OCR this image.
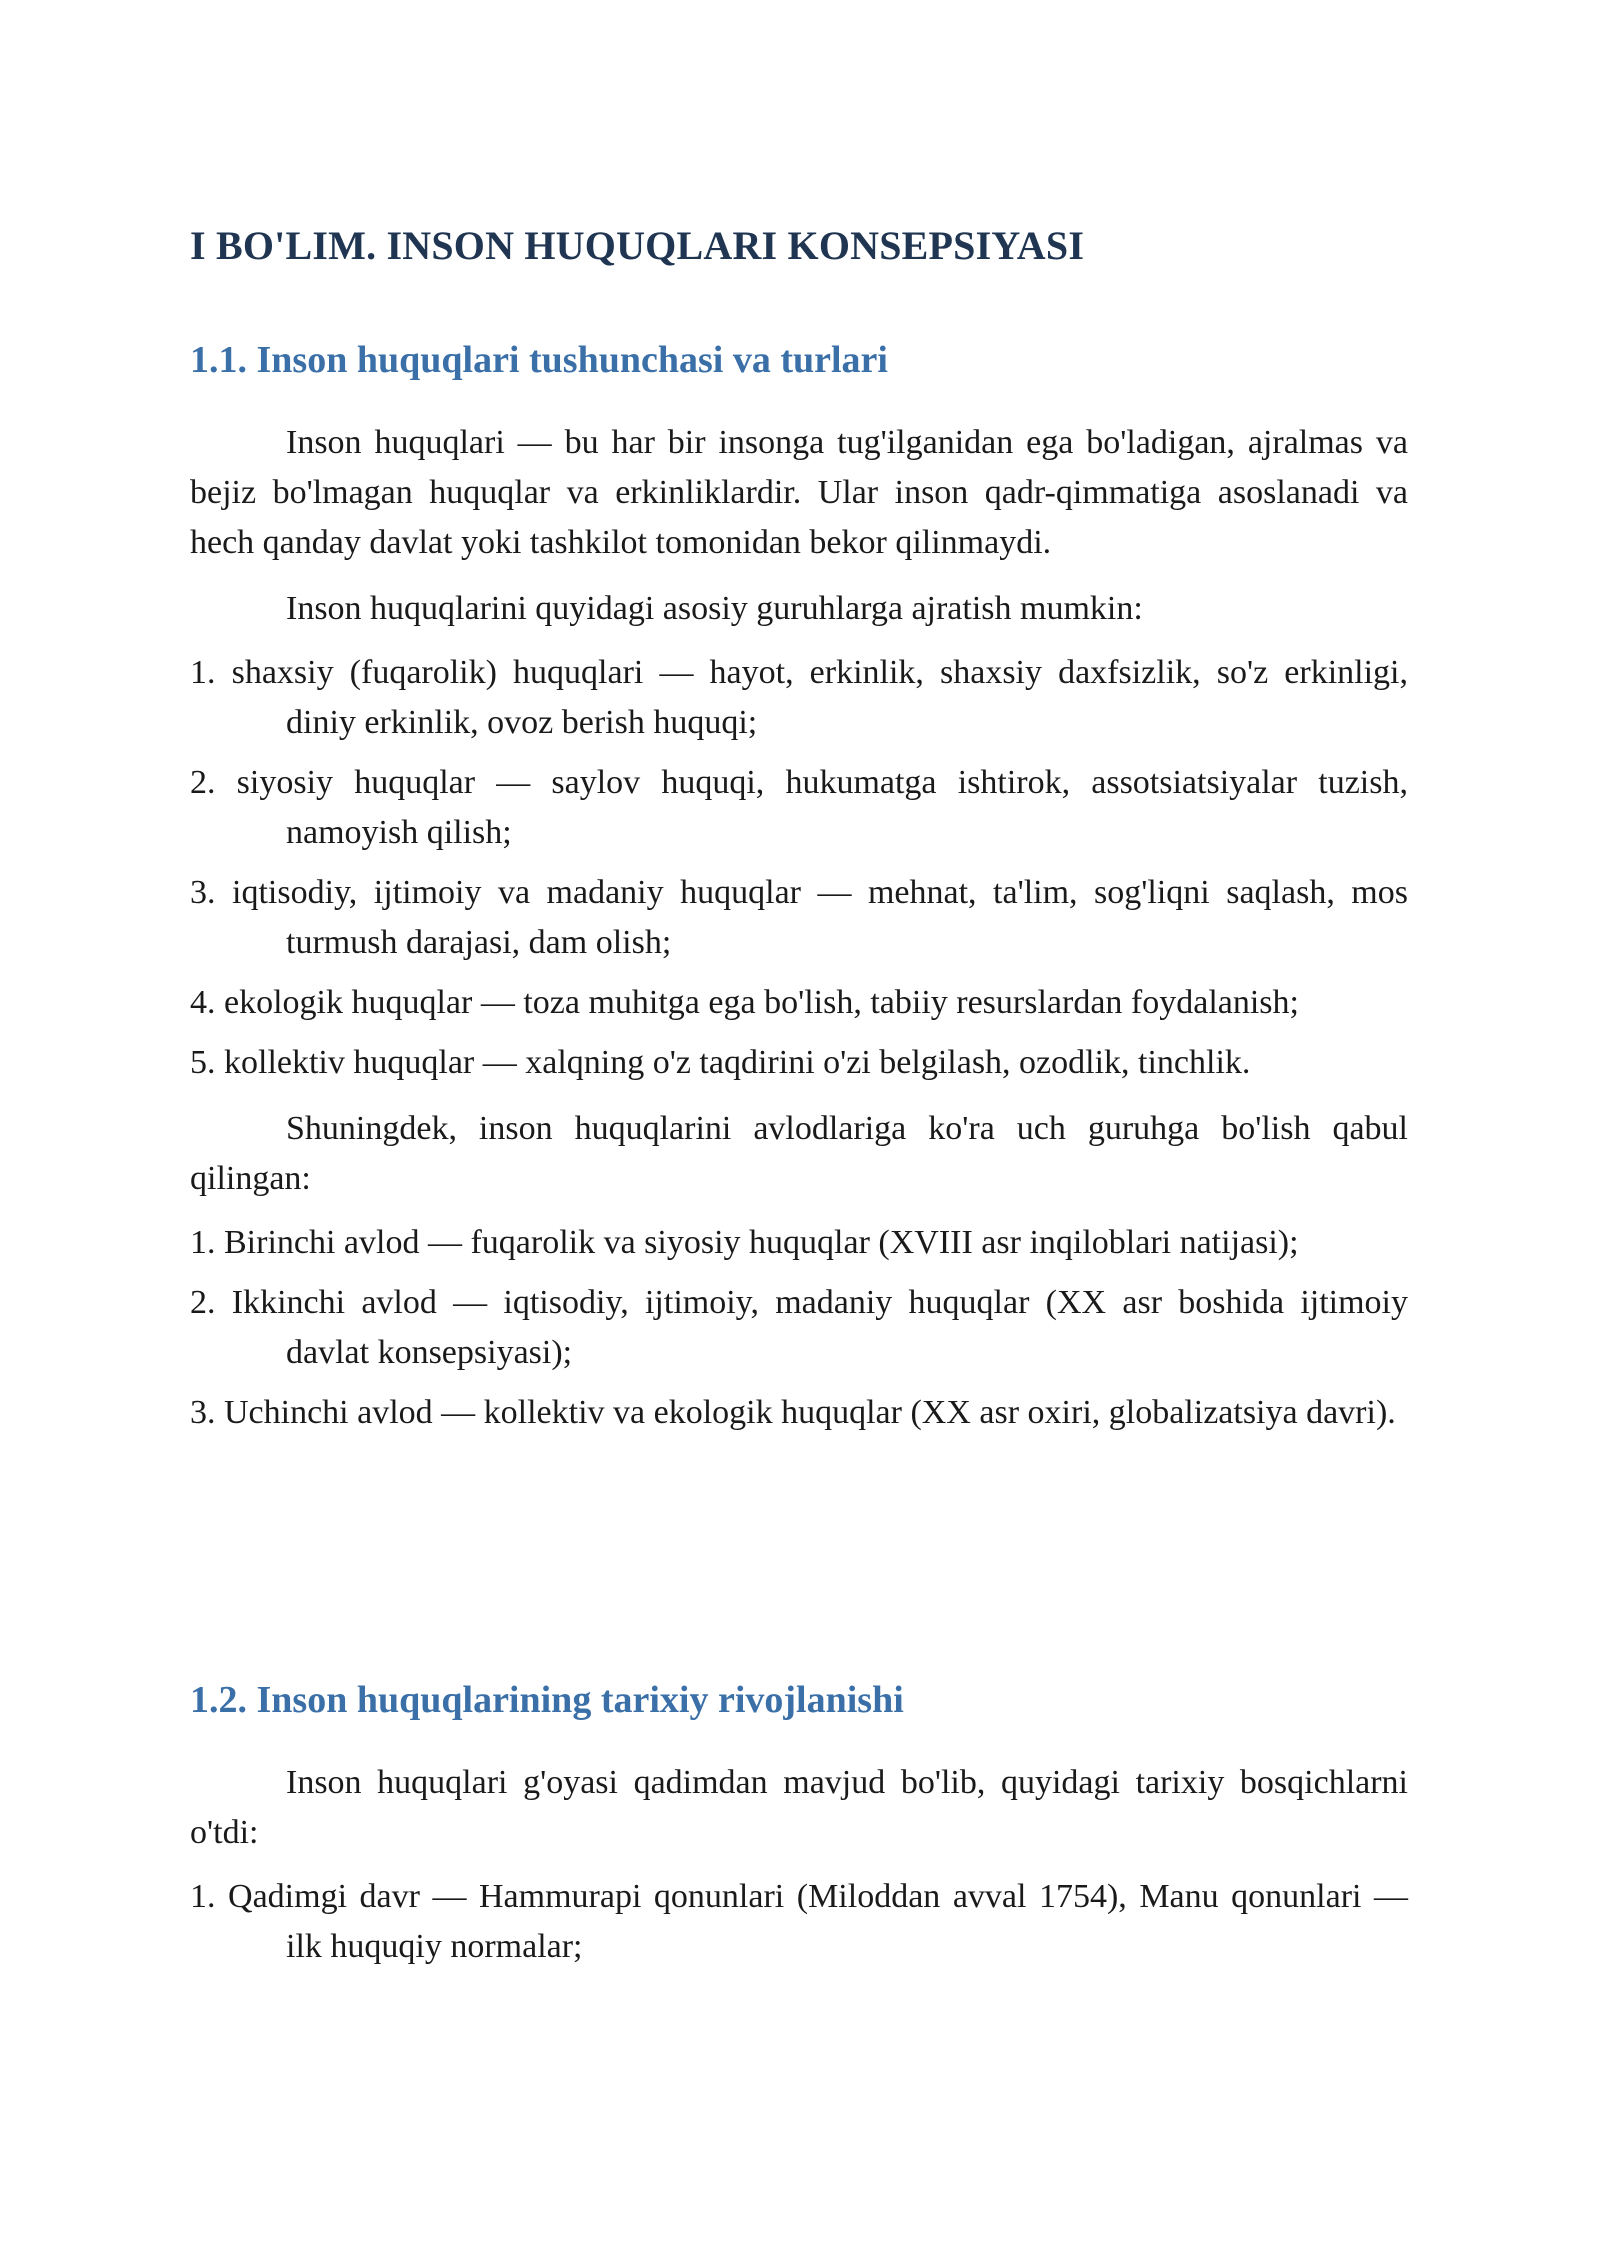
I BO'LIM. INSON HUQUQLARI KONSEPSIYASI
1.1. Inson huquqlari tushunchasi va turlari

Inson huquqlari — bu har bir insonga tug'ilganidan ega bo'ladigan, ajralmas va bejiz bo'lmagan huquqlar va erkinliklardir. Ular inson qadr-qimmatiga asoslanadi va hech qanday davlat yoki tashkilot tomonidan bekor qilinmaydi.

Inson huquqlarini quyidagi asosiy guruhlarga ajratish mumkin:

1. shaxsiy (fuqarolik) huquqlari — hayot, erkinlik, shaxsiy daxfsizlik, so'z erkinligi, diniy erkinlik, ovoz berish huquqi;
2. siyosiy huquqlar — saylov huquqi, hukumatga ishtirok, assotsiatsiyalar tuzish, namoyish qilish;
3. iqtisodiy, ijtimoiy va madaniy huquqlar — mehnat, ta'lim, sog'liqni saqlash, mos turmush darajasi, dam olish;
4. ekologik huquqlar — toza muhitga ega bo'lish, tabiiy resurslardan foydalanish;
5. kollektiv huquqlar — xalqning o'z taqdirini o'zi belgilash, ozodlik, tinchlik.

Shuningdek, inson huquqlarini avlodlariga ko'ra uch guruhga bo'lish qabul qilingan:

1. Birinchi avlod — fuqarolik va siyosiy huquqlar (XVIII asr inqiloblari natijasi);
2. Ikkinchi avlod — iqtisodiy, ijtimoiy, madaniy huquqlar (XX asr boshida ijtimoiy davlat konsepsiyasi);
3. Uchinchi avlod — kollektiv va ekologik huquqlar (XX asr oxiri, globalizatsiya davri).
1.2. Inson huquqlarining tarixiy rivojlanishi

Inson huquqlari g'oyasi qadimdan mavjud bo'lib, quyidagi tarixiy bosqichlarni o'tdi:

1. Qadimgi davr — Hammurapi qonunlari (Miloddan avval 1754), Manu qonunlari — ilk huquqiy normalar;
